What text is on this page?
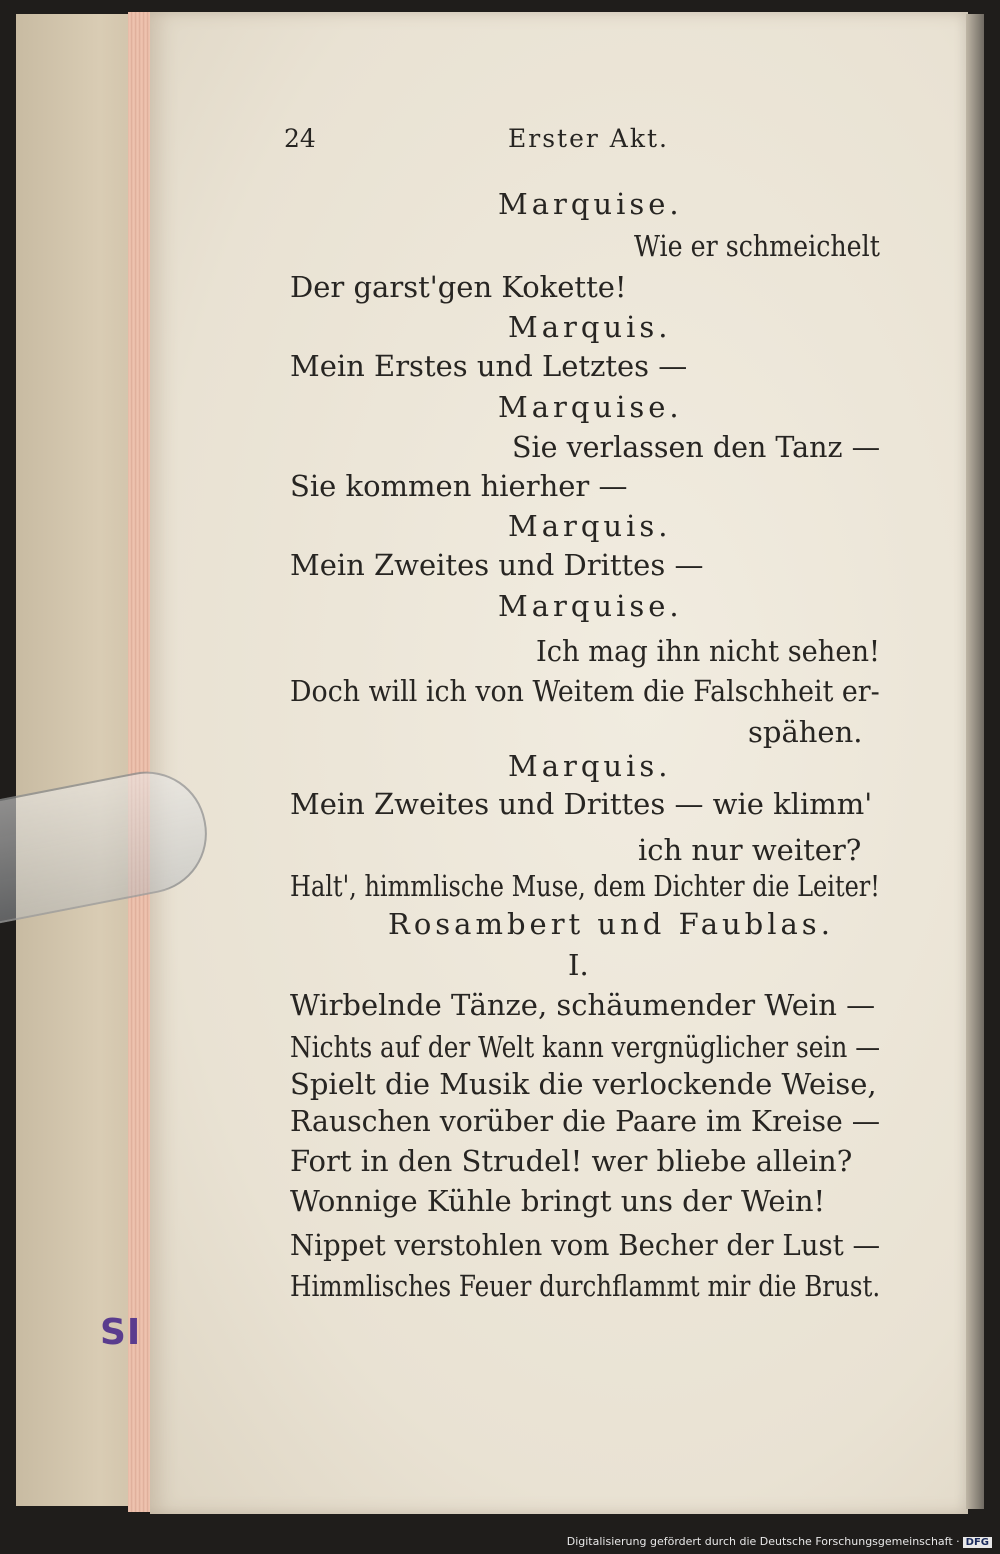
SI
24	Erster Akt.
Marquise.
Wie er schmeichelt
Der garst'gen Kokette!
Marquis.
Mein Erstes und Letztes —
Marquise.
Sie verlassen den Tanz —
Sie kommen hierher —
Marquis.
Mein Zweites und Drittes —
Marquise.
Ich mag ihn nicht sehen!
Doch will ich von Weitem die Falschheit er-
spähen.
Marquis.
Mein Zweites und Drittes — wie klimm'
ich nur weiter?
Halt', himmlische Muse, dem Dichter die Leiter!
Rosambert und Faublas.
I.
Wirbelnde Tänze, schäumender Wein —
Nichts auf der Welt kann vergnüglicher sein —
Spielt die Musik die verlockende Weise,
Rauschen vorüber die Paare im Kreise —
Fort in den Strudel! wer bliebe allein?
Wonnige Kühle bringt uns der Wein!
Nippet verstohlen vom Becher der Lust —
Himmlisches Feuer durchflammt mir die Brust.
Digitalisierung gefördert durch die Deutsche Forschungsgemeinschaft · DFG
